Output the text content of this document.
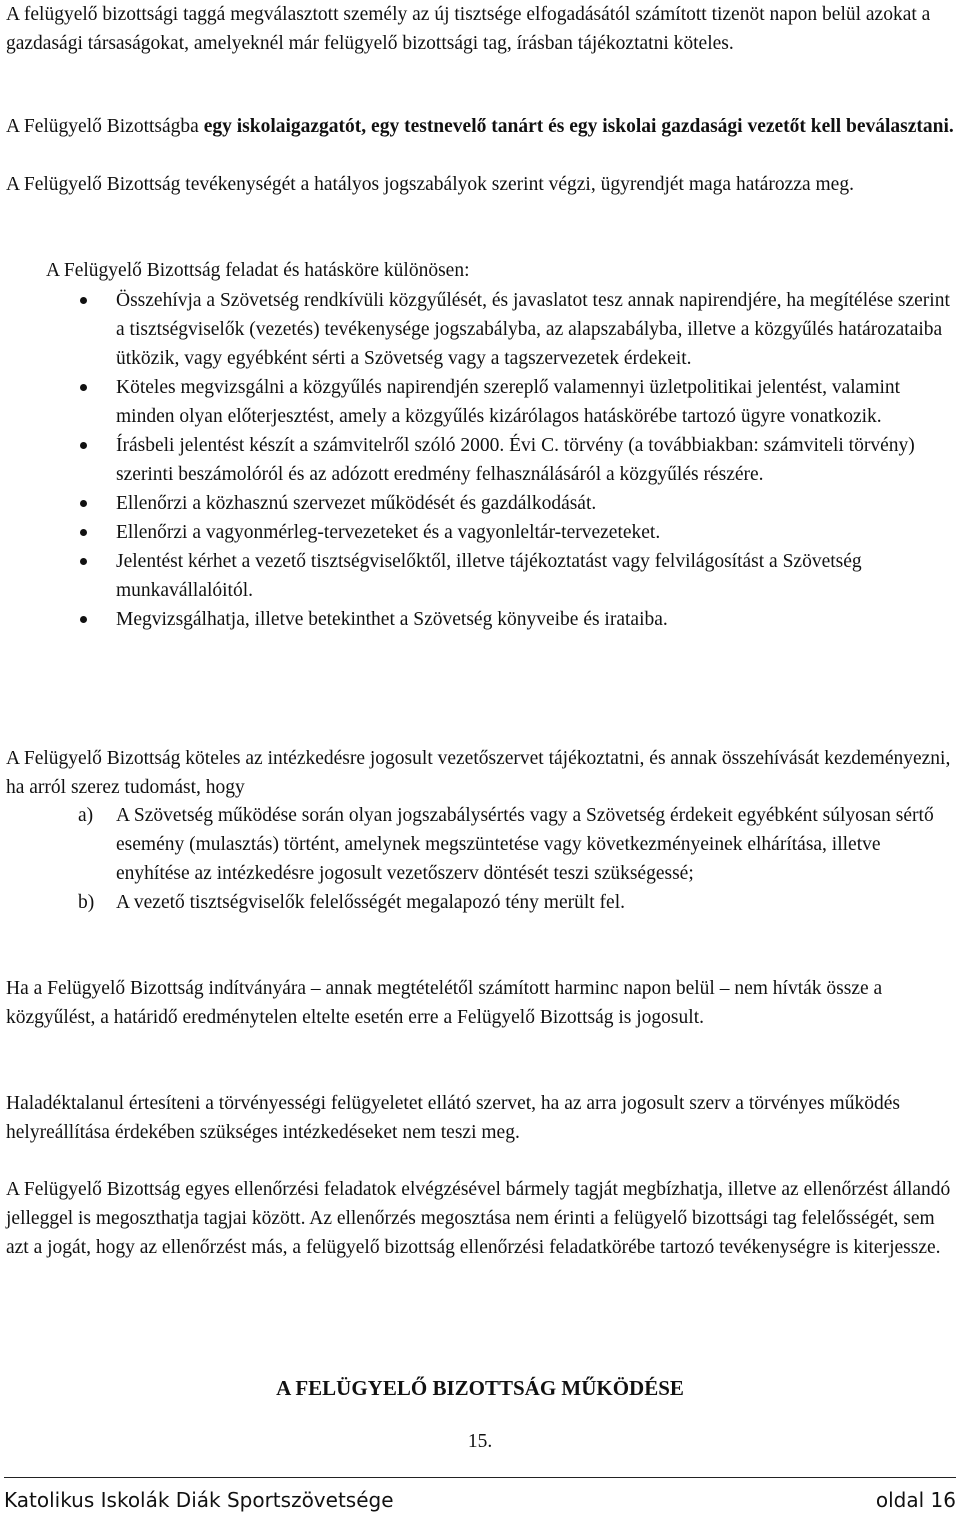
A felügyelő bizottsági taggá megválasztott személy az új tisztsége elfogadásától számított tizenöt napon belül azokat a gazdasági társaságokat, amelyeknél már felügyelő bizottsági tag, írásban tájékoztatni köteles.

A Felügyelő Bizottságba egy iskolaigazgatót, egy testnevelő tanárt és egy iskolai gazdasági vezetőt kell beválasztani.

A Felügyelő Bizottság tevékenységét a hatályos jogszabályok szerint végzi, ügyrendjét maga határozza meg.

A Felügyelő Bizottság feladat és hatásköre különösen:

Összehívja a Szövetség rendkívüli közgyűlését, és javaslatot tesz annak napirendjére, ha megítélése szerint a tisztségviselők (vezetés) tevékenysége jogszabályba, az alapszabályba, illetve a közgyűlés határozataiba ütközik, vagy egyébként sérti a Szövetség vagy a tagszervezetek érdekeit.
Köteles megvizsgálni a közgyűlés napirendjén szereplő valamennyi üzletpolitikai jelentést, valamint minden olyan előterjesztést, amely a közgyűlés kizárólagos hatáskörébe tartozó ügyre vonatkozik.
Írásbeli jelentést készít a számvitelről szóló 2000. Évi C. törvény (a továbbiakban: számviteli törvény) szerinti beszámolóról és az adózott eredmény felhasználásáról a közgyűlés részére.
Ellenőrzi a közhasznú szervezet működését és gazdálkodását.
Ellenőrzi a vagyonmérleg-tervezeteket és a vagyonleltár-tervezeteket.
Jelentést kérhet a vezető tisztségviselőktől, illetve tájékoztatást vagy felvilágosítást a Szövetség munkavállalóitól.
Megvizsgálhatja, illetve betekinthet a Szövetség könyveibe és irataiba.

A Felügyelő Bizottság köteles az intézkedésre jogosult vezetőszervet tájékoztatni, és annak összehívását kezdeményezni, ha arról szerez tudomást, hogy

a) A Szövetség működése során olyan jogszabálysértés vagy a Szövetség érdekeit egyébként súlyosan sértő esemény (mulasztás) történt, amelynek megszüntetése vagy következményeinek elhárítása, illetve enyhítése az intézkedésre jogosult vezetőszerv döntését teszi szükségessé;
b) A vezető tisztségviselők felelősségét megalapozó tény merült fel.

Ha a Felügyelő Bizottság indítványára – annak megtételétől számított harminc napon belül – nem hívták össze a közgyűlést, a határidő eredménytelen eltelte esetén erre a Felügyelő Bizottság is jogosult.

Haladéktalanul értesíteni a törvényességi felügyeletet ellátó szervet, ha az arra jogosult szerv a törvényes működés helyreállítása érdekében szükséges intézkedéseket nem teszi meg.

A Felügyelő Bizottság egyes ellenőrzési feladatok elvégzésével bármely tagját megbízhatja, illetve az ellenőrzést állandó jelleggel is megoszthatja tagjai között. Az ellenőrzés megosztása nem érinti a felügyelő bizottsági tag felelősségét, sem azt a jogát, hogy az ellenőrzést más, a felügyelő bizottság ellenőrzési feladatkörébe tartozó tevékenységre is kiterjessze.

A FELÜGYELŐ BIZOTTSÁG MŰKÖDÉSE
15.
Katolikus Iskolák Diák Sportszövetsége	oldal 16
